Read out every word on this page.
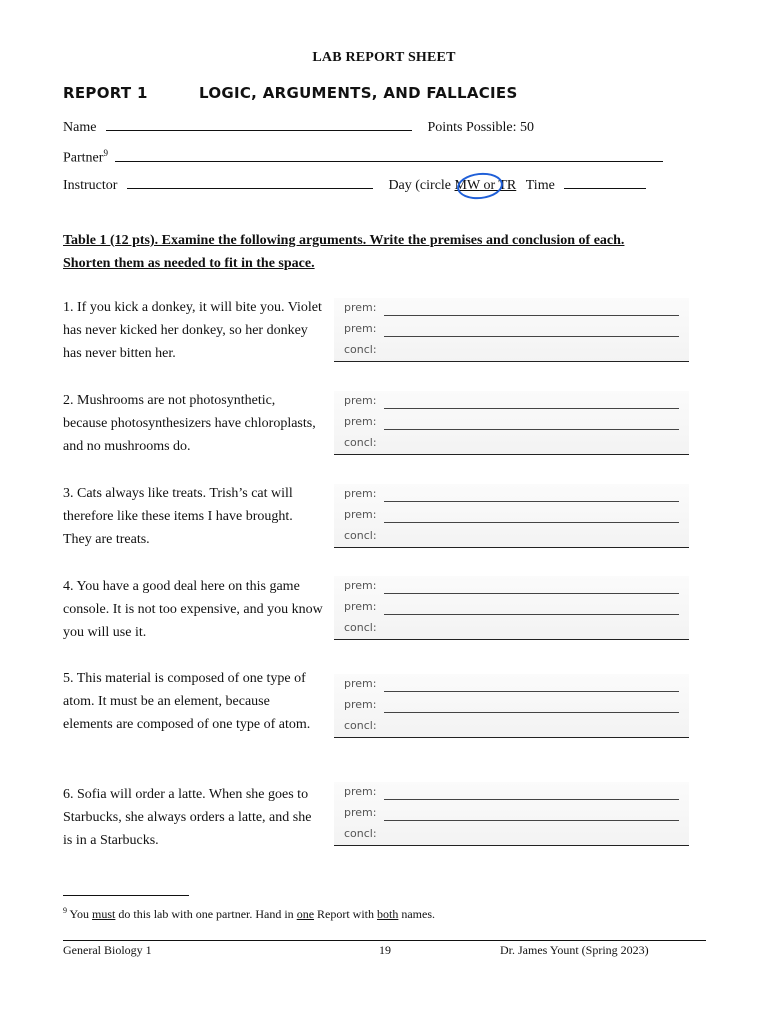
LAB REPORT SHEET
REPORT 1	LOGIC, ARGUMENTS, AND FALLACIES
Name	Points Possible: 50
Partner$^9$
Instructor	Day (circle MW or TR Time
Table 1 (12 pts). Examine the following arguments. Write the premises and conclusion of each. Shorten them as needed to fit in the space.
1. If you kick a donkey, it will bite you. Violet has never kicked her donkey, so her donkey has never bitten her.
prem:
prem:
concl:
2. Mushrooms are not photosynthetic, because photosynthesizers have chloroplasts, and no mushrooms do.
prem:
prem:
concl:
3. Cats always like treats. Trish’s cat will therefore like these items I have brought. They are treats.
prem:
prem:
concl:
4. You have a good deal here on this game console. It is not too expensive, and you know you will use it.
prem:
prem:
concl:
5. This material is composed of one type of atom. It must be an element, because elements are composed of one type of atom.
prem:
prem:
concl:
6. Sofia will order a latte. When she goes to Starbucks, she always orders a latte, and she is in a Starbucks.
prem:
prem:
concl:
$^9$ You must do this lab with one partner. Hand in one Report with both names.
General Biology 1	19	Dr. James Yount (Spring 2023)
